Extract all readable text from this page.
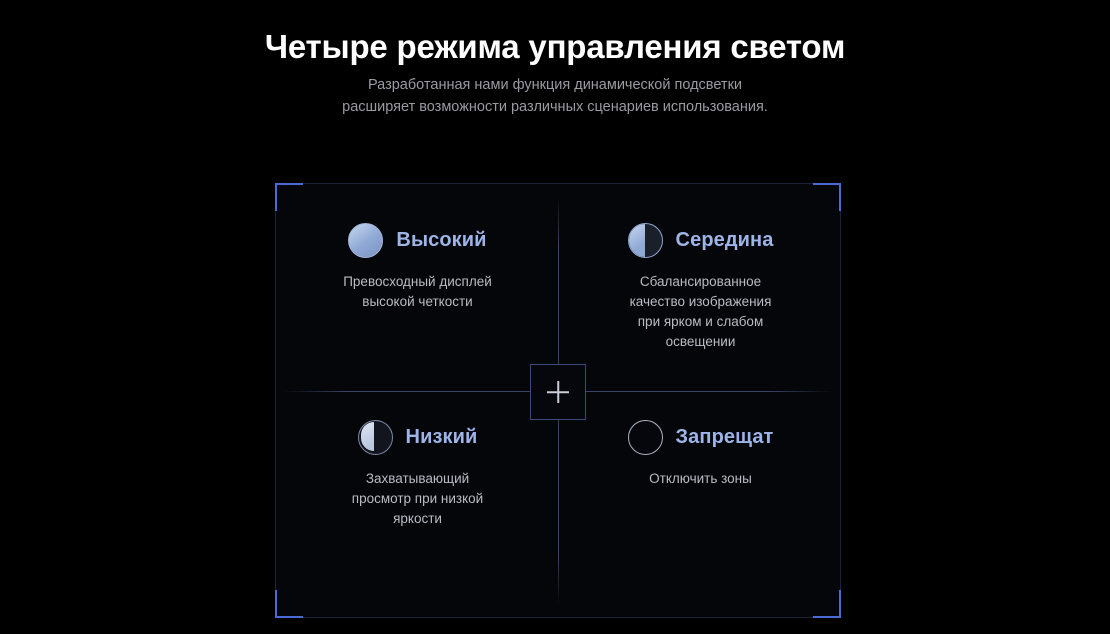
Четыре режима управления светом
Разработанная нами функция динамической подсветки
расширяет возможности различных сценариев использования.
Высокий
Превосходный дисплей
высокой четкости
Середина
Сбалансированное
качество изображения
при ярком и слабом
освещении
Низкий
Захватывающий
просмотр при низкой
яркости
Запрещат
Отключить зоны
